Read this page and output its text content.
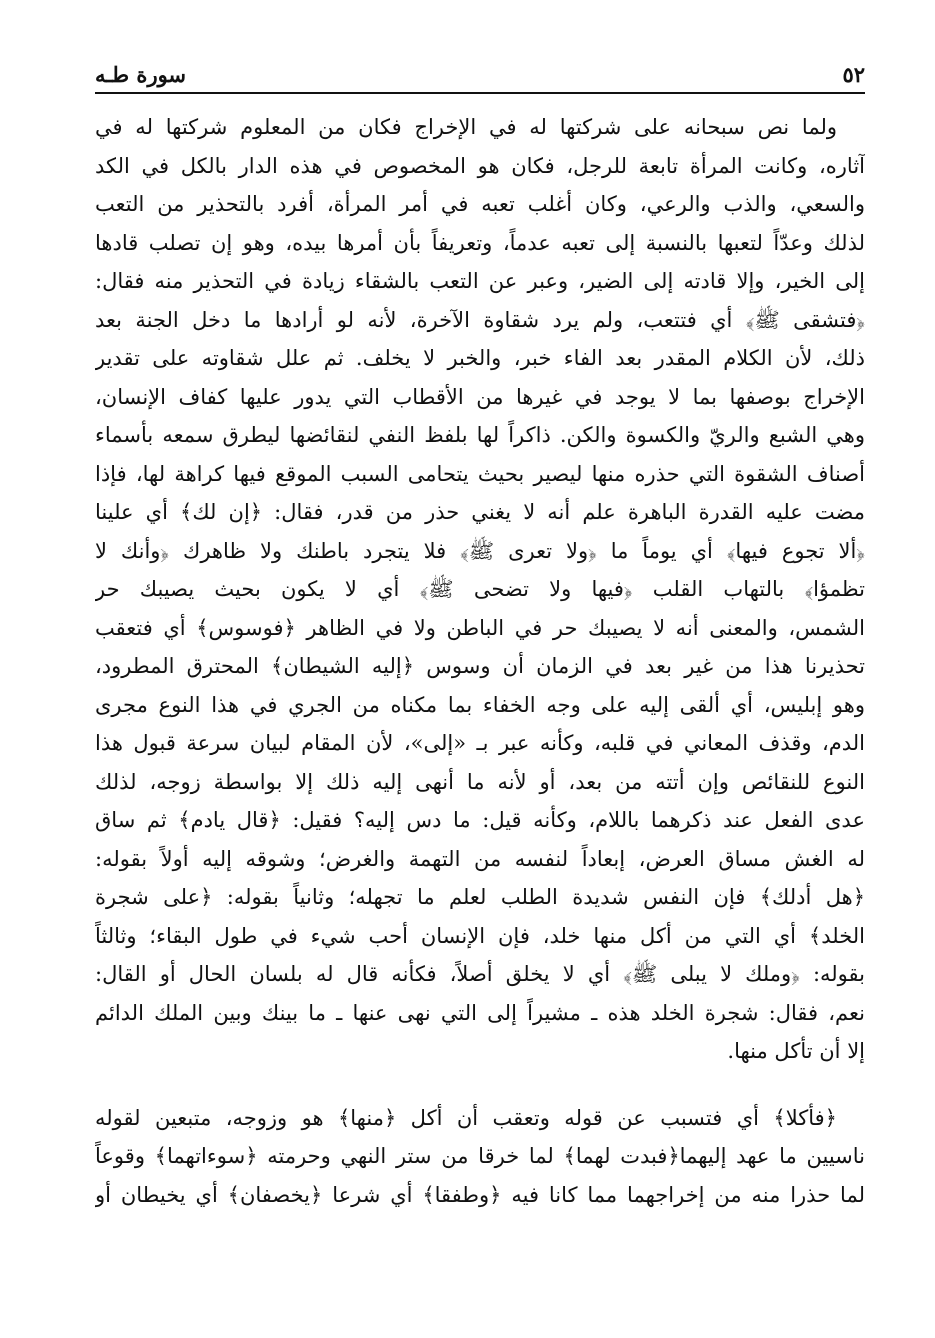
سورة طـه	٥٢
ولما نص سبحانه على شركتها له في الإخراج فكان من المعلوم شركتها له في
آثاره، وكانت المرأة تابعة للرجل، فكان هو المخصوص في هذه الدار بالكل في الكد
والسعي، والذب والرعي، وكان أغلب تعبه في أمر المرأة، أفرد بالتحذير من التعب
لذلك وعدّاً لتعبها بالنسبة إلى تعبه عدماً، وتعريفاً بأن أمرها بيده، وهو إن تصلب قادها
إلى الخير، وإلا قادته إلى الضير، وعبر عن التعب بالشقاء زيادة في التحذير منه فقال:
﴿فتشقى ﷺ﴾ أي فتتعب، ولم يرد شقاوة الآخرة، لأنه لو أرادها ما دخل الجنة بعد
ذلك، لأن الكلام المقدر بعد الفاء خبر، والخبر لا يخلف. ثم علل شقاوته على تقدير
الإخراج بوصفها بما لا يوجد في غيرها من الأقطاب التي يدور عليها كفاف الإنسان،
وهي الشبع والريّ والكسوة والكن. ذاكراً لها بلفظ النفي لنقائضها ليطرق سمعه بأسماء
أصناف الشقوة التي حذره منها ليصير بحيث يتحامى السبب الموقع فيها كراهة لها، فإذا
مضت عليه القدرة الباهرة علم أنه لا يغني حذر من قدر، فقال: ﴿إن لك﴾ أي علينا
﴿ألا تجوع فيها﴾ أي يوماً ما ﴿ولا تعرى ﷺ﴾ فلا يتجرد باطنك ولا ظاهرك ﴿وأنك لا
تظمؤا﴾ بالتهاب القلب ﴿فيها ولا تضحى ﷺ﴾ أي لا يكون بحيث يصيبك حر
الشمس، والمعنى أنه لا يصيبك حر في الباطن ولا في الظاهر ﴿فوسوس﴾ أي فتعقب
تحذيرنا هذا من غير بعد في الزمان أن وسوس ﴿إليه الشيطان﴾ المحترق المطرود،
وهو إبليس، أي ألقى إليه على وجه الخفاء بما مكناه من الجري في هذا النوع مجرى
الدم، وقذف المعاني في قلبه، وكأنه عبر بـ «إلى»، لأن المقام لبيان سرعة قبول هذا
النوع للنقائص وإن أتته من بعد، أو لأنه ما أنهى إليه ذلك إلا بواسطة زوجه، لذلك
عدى الفعل عند ذكرهما باللام، وكأنه قيل: ما دس إليه؟ فقيل: ﴿قال يادم﴾ ثم ساق
له الغش مساق العرض، إبعاداً لنفسه من التهمة والغرض؛ وشوقه إليه أولاً بقوله:
﴿هل أدلك﴾ فإن النفس شديدة الطلب لعلم ما تجهله؛ وثانياً بقوله: ﴿على شجرة
الخلد﴾ أي التي من أكل منها خلد، فإن الإنسان أحب شيء في طول البقاء؛ وثالثاً
بقوله: ﴿وملك لا يبلى ﷺ﴾ أي لا يخلق أصلاً، فكأنه قال له بلسان الحال أو القال:
نعم، فقال: شجرة الخلد هذه ـ مشيراً إلى التي نهى عنها ـ ما بينك وبين الملك الدائم
إلا أن تأكل منها.
﴿فأكلا﴾ أي فتسبب عن قوله وتعقب أن أكل ﴿منها﴾ هو وزوجه، متبعين لقوله
ناسيين ما عهد إليهما﴿فبدت لهما﴾ لما خرقا من ستر النهي وحرمته ﴿سوءاتهما﴾ وقوعاً
لما حذرا منه من إخراجهما مما كانا فيه ﴿وطفقا﴾ أي شرعا ﴿يخصفان﴾ أي يخيطان أو
